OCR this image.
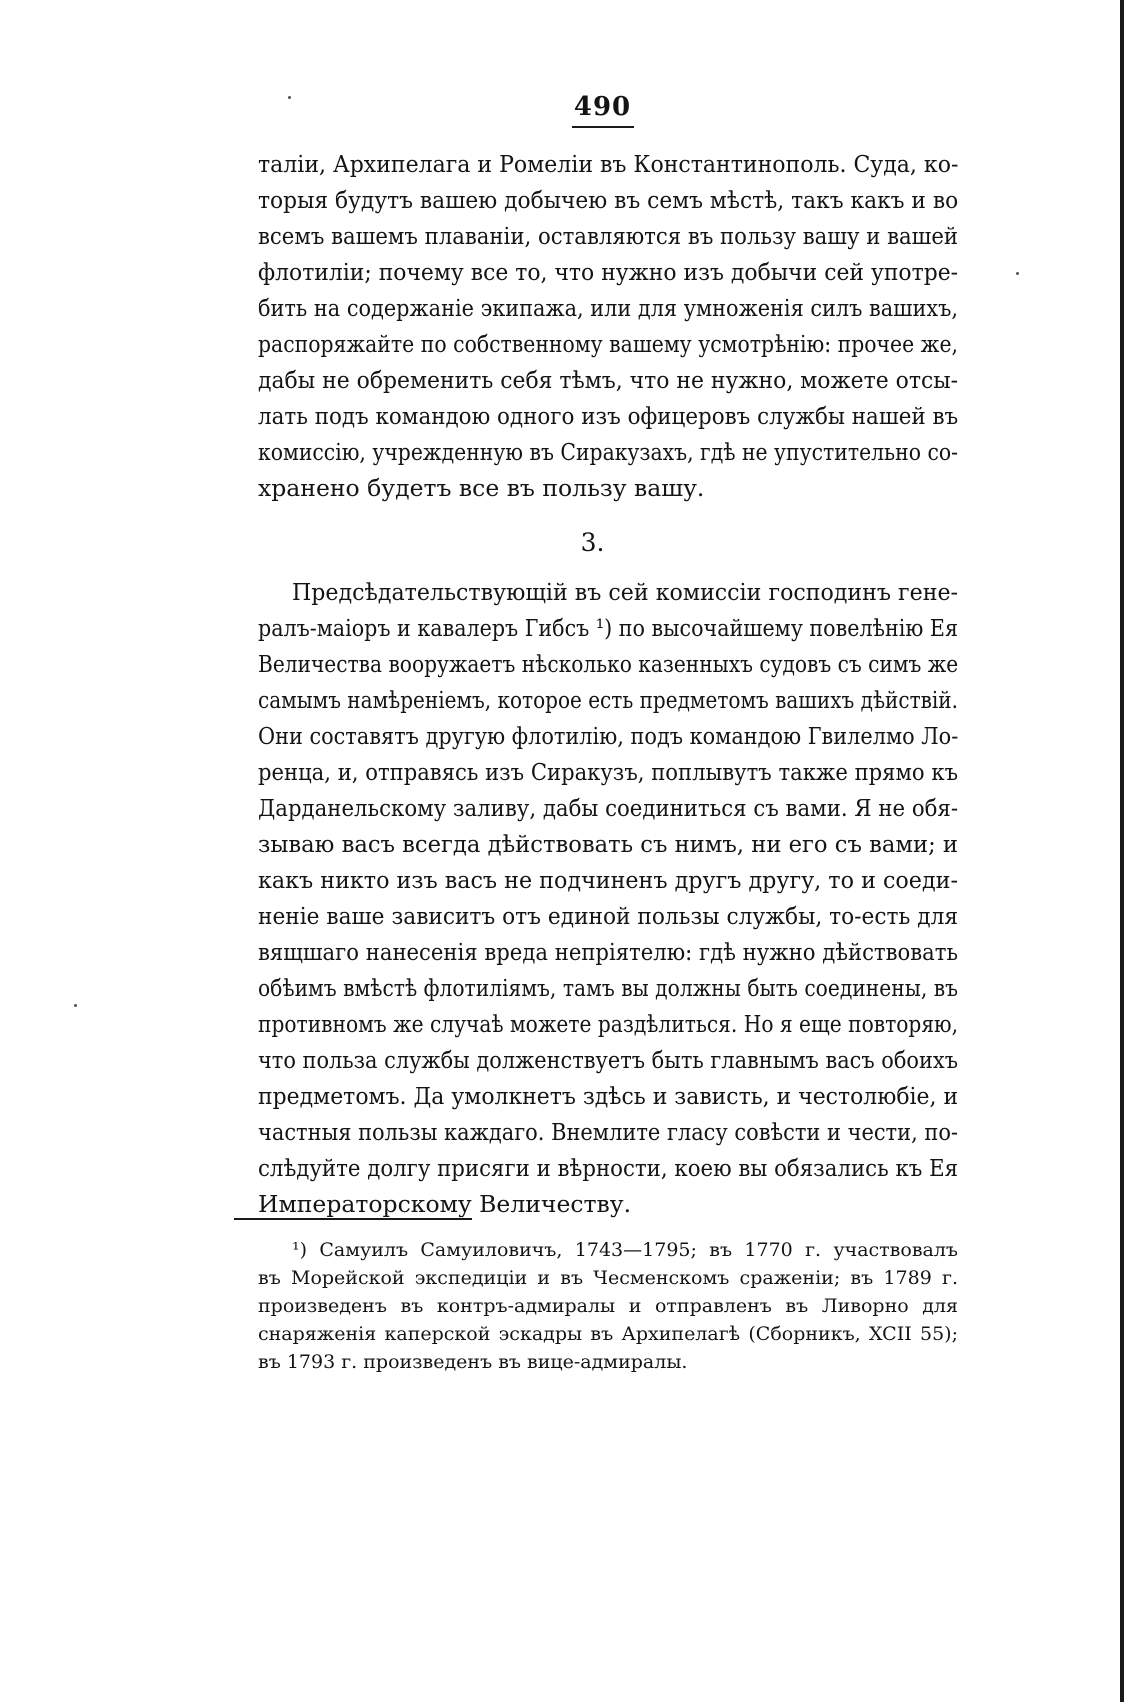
490
таліи, Архипелага и Ромеліи въ Константинополь. Суда, ко-
торыя будутъ вашею добычею въ семъ мѣстѣ, такъ какъ и во
всемъ вашемъ плаваніи, оставляются въ пользу вашу и вашей
флотиліи; почему все то, что нужно изъ добычи сей употре-
бить на содержаніе экипажа, или для умноженія силъ вашихъ,
распоряжайте по собственному вашему усмотрѣнію: прочее же,
дабы не обременить себя тѣмъ, что не нужно, можете отсы-
лать подъ командою одного изъ офицеровъ службы нашей въ
комиссію, учрежденную въ Сиракузахъ, гдѣ не упустительно со-
хранено будетъ все въ пользу вашу.
3.
Предсѣдательствующій въ сей комиссіи господинъ гене-
ралъ-маіоръ и кавалеръ Гибсъ ¹) по высочайшему повелѣнію Ея
Величества вооружаетъ нѣсколько казенныхъ судовъ съ симъ же
самымъ намѣреніемъ, которое есть предметомъ вашихъ дѣйствій.
Они составятъ другую флотилію, подъ командою Гвилелмо Ло-
ренца, и, отправясь изъ Сиракузъ, поплывутъ также прямо къ
Дарданельскому заливу, дабы соединиться съ вами. Я не обя-
зываю васъ всегда дѣйствовать съ нимъ, ни его съ вами; и
какъ никто изъ васъ не подчиненъ другъ другу, то и соеди-
неніе ваше зависитъ отъ единой пользы службы, то-есть для
вящшаго нанесенія вреда непріятелю: гдѣ нужно дѣйствовать
обѣимъ вмѣстѣ флотиліямъ, тамъ вы должны быть соединены, въ
противномъ же случаѣ можете раздѣлиться. Но я еще повторяю,
что польза службы долженствуетъ быть главнымъ васъ обоихъ
предметомъ. Да умолкнетъ здѣсь и зависть, и честолюбіе, и
частныя пользы каждаго. Внемлите гласу совѣсти и чести, по-
слѣдуйте долгу присяги и вѣрности, коею вы обязались къ Ея
Императорскому Величеству.
¹) Самуилъ Самуиловичъ, 1743—1795; въ 1770 г. участвовалъ
въ Морейской экспедиціи и въ Чесменскомъ сраженіи; въ 1789 г.
произведенъ въ контръ-адмиралы и отправленъ въ Ливорно для
снаряженія каперской эскадры въ Архипелагѣ (Сборникъ, XCII 55);
въ 1793 г. произведенъ въ вице-адмиралы.
